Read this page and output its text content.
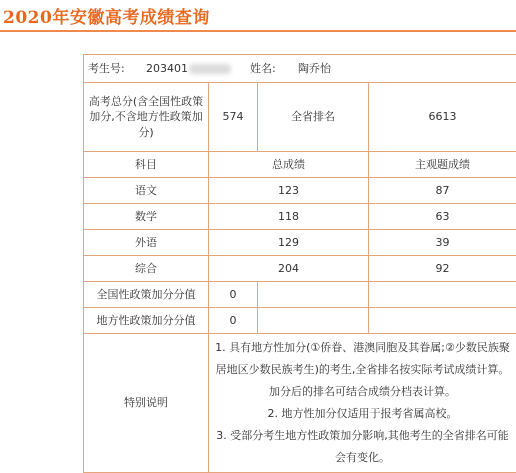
2020年安徽高考成绩查询
考生号: 203401 姓名: 陶乔怡			

高考总分(含全国性政策加分,不含地方性政策加分)	574	全省排名	6613
科目	总成绩		主观题成绩
语文	123		87
数学	118		63
外语	129		39
综合	204		92
全国性政策加分分值	0		
地方性政策加分分值	0		
特别说明	1. 具有地方性加分(①侨眷、港澳同胞及其眷属;②少数民族聚居地区少数民族考生)的考生,全省排名按实际考试成绩计算。加分后的排名可结合成绩分档表计算。

2. 地方性加分仅适用于报考省属高校。

3. 受部分考生地方性政策加分影响,其他考生的全省排名可能会有变化。		
